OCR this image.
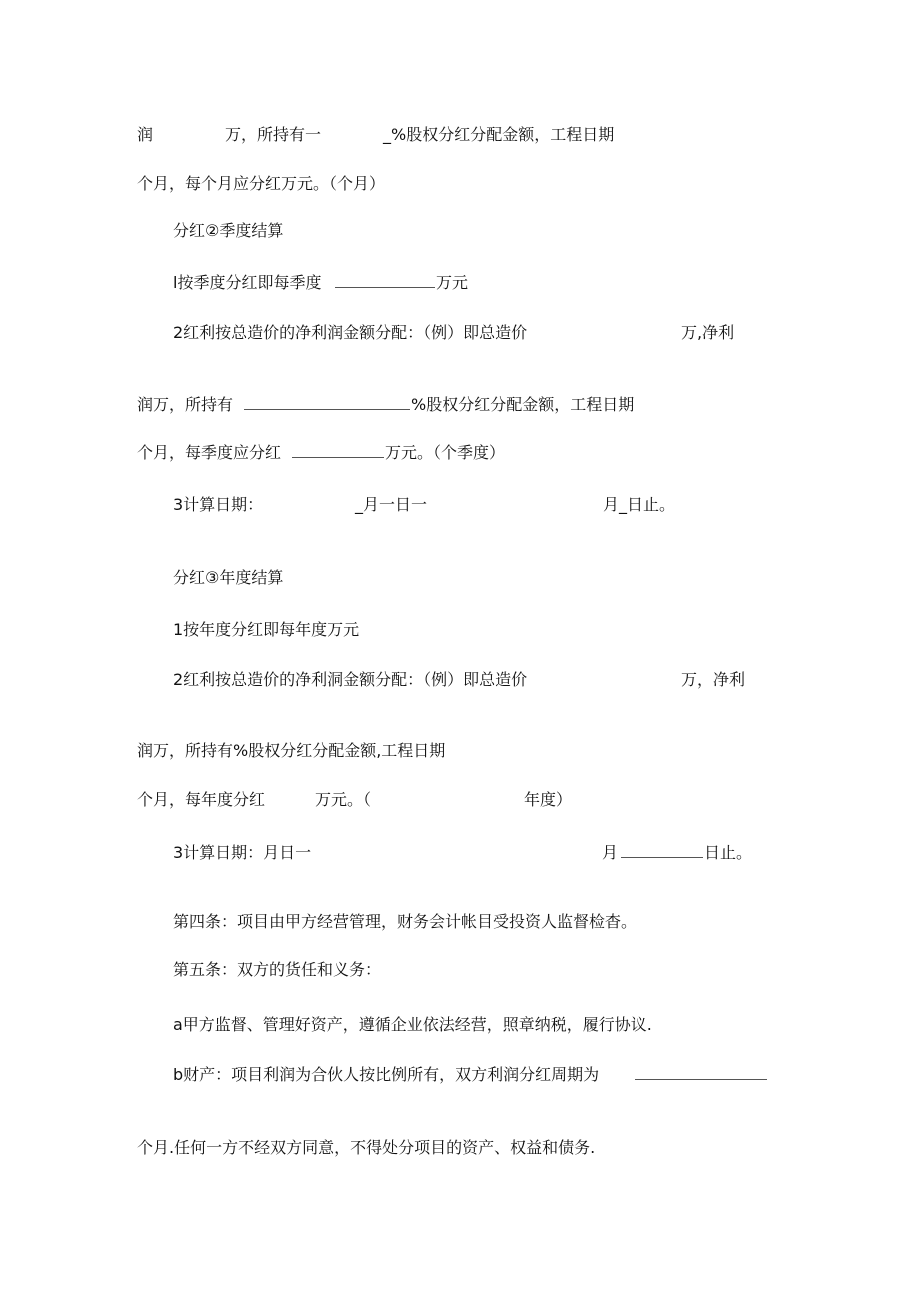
润	万，所持有一	_%股权分红分配金额，工程日期
个月，每个月应分红万元。（个月）
分红②季度结算
l按季度分红即每季度	万元
2红利按总造价的净利润金额分配：（例）即总造价	万,净利
润万，所持有	%股权分红分配金额，工程日期
个月，每季度应分红	万元。（个季度）
3计算日期：	_月一日一	月_日止。
分红③年度结算
1按年度分红即每年度万元
2红利按总造价的净利洞金额分配：（例）即总造价	万，净利
润万，所持有%股权分红分配金额,工程日期
个月，每年度分红	万元。（	年度）
3计算日期：月日一	月	日止。
第四条：项目由甲方经营管理，财务会计帐目受投资人监督检杳。
第五条：双方的货任和义务：
a甲方监督、管理好资产，遵循企业依法经营，照章纳税，履行协议.
b财产：项目利润为合伙人按比例所有，双方利润分红周期为
个月.任何一方不经双方同意，不得处分项目的资产、权益和债务.
